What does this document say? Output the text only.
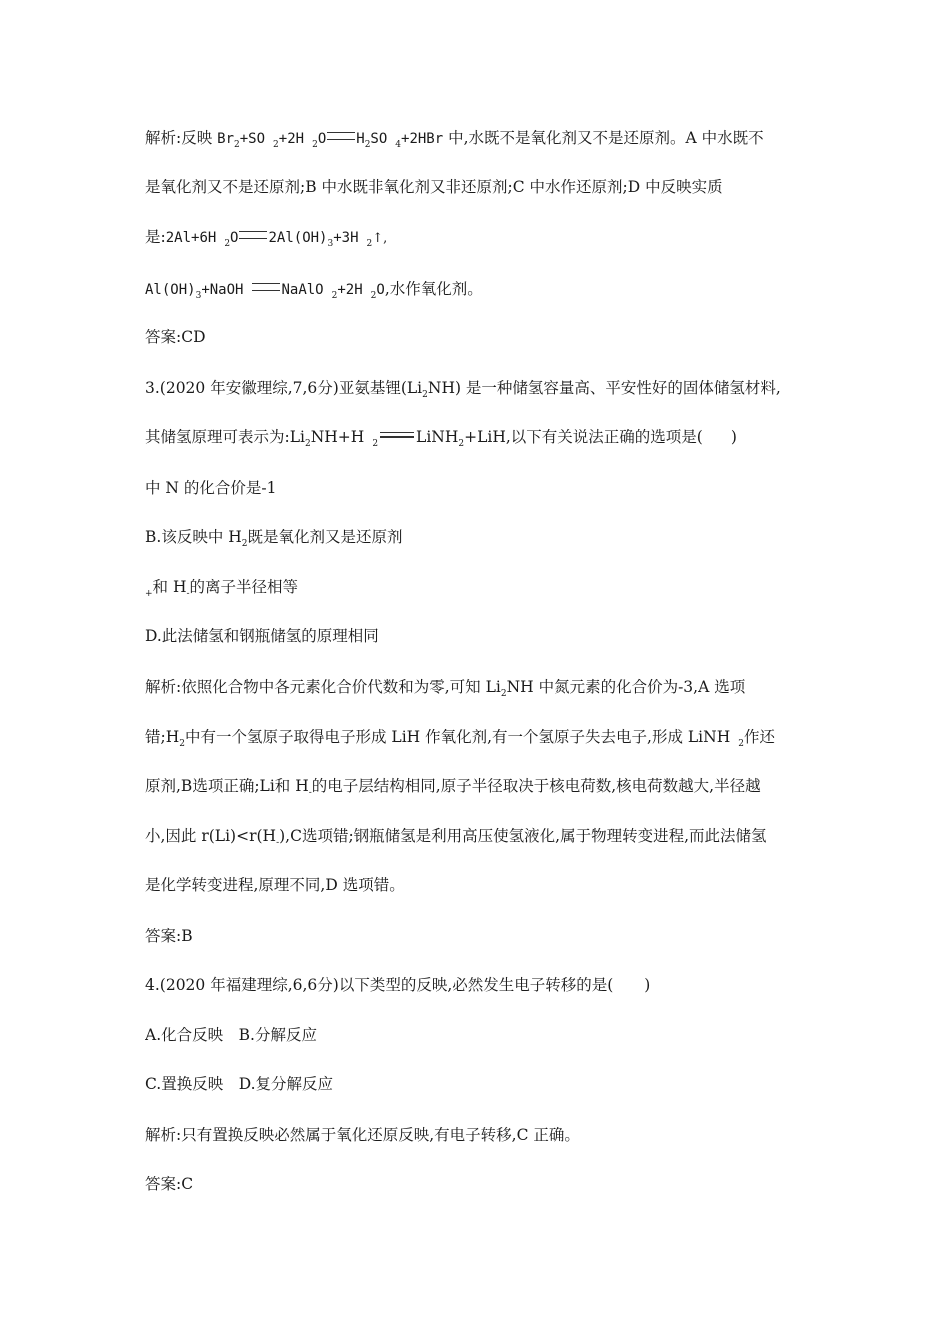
解析:反映 $Br_2+SO$ $_2$+2H $_2$O $H_2SO$ $_4$+2HBr 中,水既不是氧化剂又不是还原剂。A 中水既不
是氧化剂又不是还原剂;B 中水既非氧化剂又非还原剂;C 中水作还原剂;D 中反映实质
是:2Al+6H $_2$O $2Al(OH)_3+3H$ $_2$↑,
$Al(OH)_3+NaOH$	NaAlO $_2$+2H $_2$O,水作氧化剂。
答案:CD
3.(2020 年安徽理综,7,6分)亚氨基锂$(Li_2NH)$ 是一种储氢容量高、平安性好的固体储氢材料,
其储氢原理可表示为$:Li_2NH+H$ $_2$ LiNH$_2$+LiH,以下有关说法正确的选项是( )
中 N 的化合价是-1
B.该反映中 $H_2$既是氧化剂又是还原剂
$_+$和 $H_-$的离子半径相等
D.此法储氢和钢瓶储氢的原理相同
解析:依照化合物中各元素化合价代数和为零,可知 $Li_2NH$ 中氮元素的化合价为-3,A 选项
错$;H_2$中有一个氢原子取得电子形成 LiH 作氧化剂,有一个氢原子失去电子,形成 LiNH $_2$作还
原剂,B选项正确;Li和 $H_-$的电子层结构相同,原子半径取决于核电荷数,核电荷数越大,半径越
小,因此 $r(Li)<r(H_-),C$选项错;钢瓶储氢是利用高压使氢液化,属于物理转变进程,而此法储氢
是化学转变进程,原理不同,D 选项错。
答案:B
4.(2020 年福建理综,6,6分)以下类型的反映,必然发生电子转移的是(　　)
A.化合反映　B.分解反应
C.置换反映　D.复分解反应
解析:只有置换反映必然属于氧化还原反映,有电子转移,C 正确。
答案:C
